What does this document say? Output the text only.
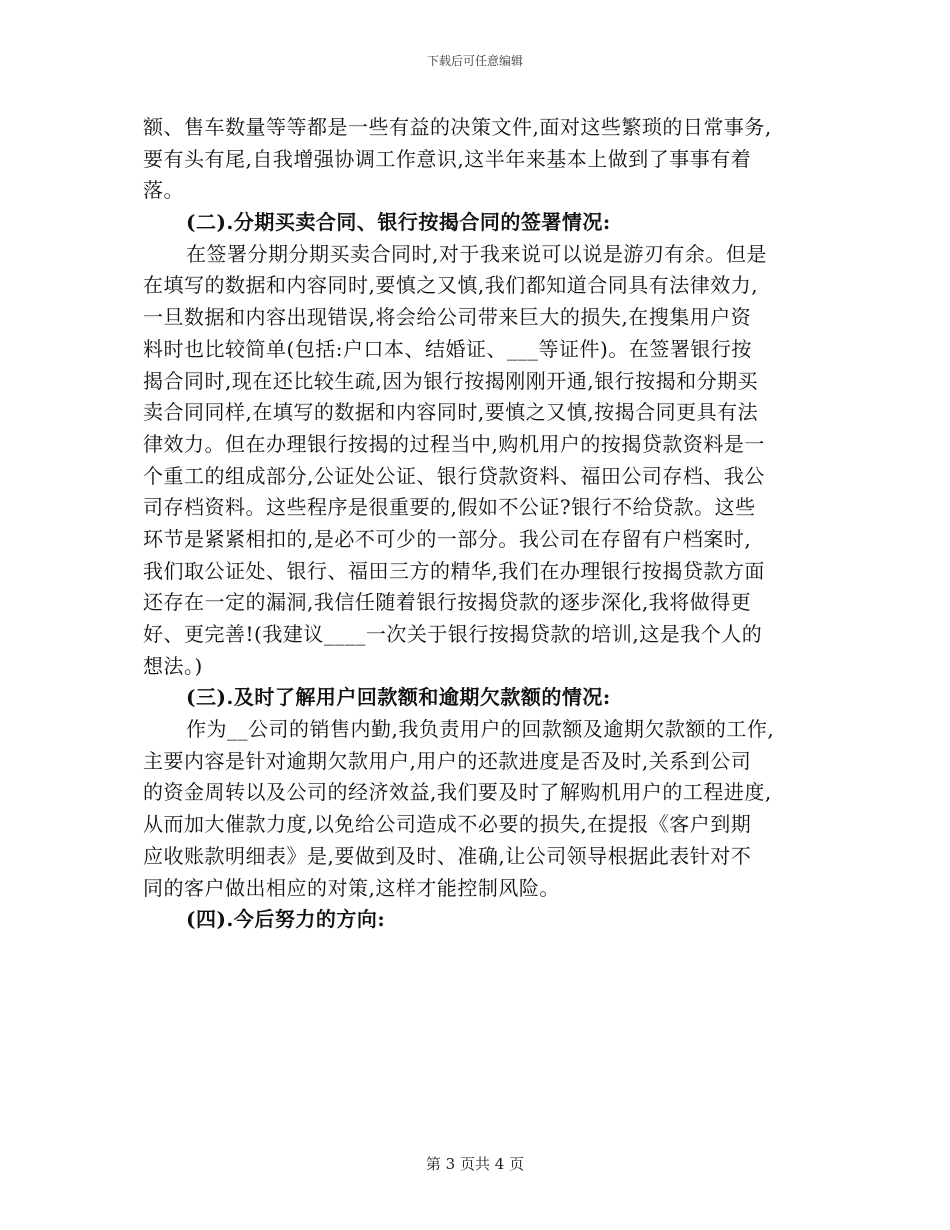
下载后可任意编辑
额、售车数量等等都是一些有益的决策文件,面对这些繁琐的日常事务,
要有头有尾,自我增强协调工作意识,这半年来基本上做到了事事有着
落。
(二).分期买卖合同、银行按揭合同的签署情况:
在签署分期分期买卖合同时,对于我来说可以说是游刃有余。但是
在填写的数据和内容同时,要慎之又慎,我们都知道合同具有法律效力,
一旦数据和内容出现错误,将会给公司带来巨大的损失,在搜集用户资
料时也比较简单(包括:户口本、结婚证、___等证件)。在签署银行按
揭合同时,现在还比较生疏,因为银行按揭刚刚开通,银行按揭和分期买
卖合同同样,在填写的数据和内容同时,要慎之又慎,按揭合同更具有法
律效力。但在办理银行按揭的过程当中,购机用户的按揭贷款资料是一
个重工的组成部分,公证处公证、银行贷款资料、福田公司存档、我公
司存档资料。这些程序是很重要的,假如不公证?银行不给贷款。这些
环节是紧紧相扣的,是必不可少的一部分。我公司在存留有户档案时,
我们取公证处、银行、福田三方的精华,我们在办理银行按揭贷款方面
还存在一定的漏洞,我信任随着银行按揭贷款的逐步深化,我将做得更
好、更完善!(我建议____一次关于银行按揭贷款的培训,这是我个人的
想法。)
(三).及时了解用户回款额和逾期欠款额的情况:
作为__公司的销售内勤,我负责用户的回款额及逾期欠款额的工作,
主要内容是针对逾期欠款用户,用户的还款进度是否及时,关系到公司
的资金周转以及公司的经济效益,我们要及时了解购机用户的工程进度,
从而加大催款力度,以免给公司造成不必要的损失,在提报《客户到期
应收账款明细表》是,要做到及时、准确,让公司领导根据此表针对不
同的客户做出相应的对策,这样才能控制风险。
(四).今后努力的方向:
第 3 页共 4 页
